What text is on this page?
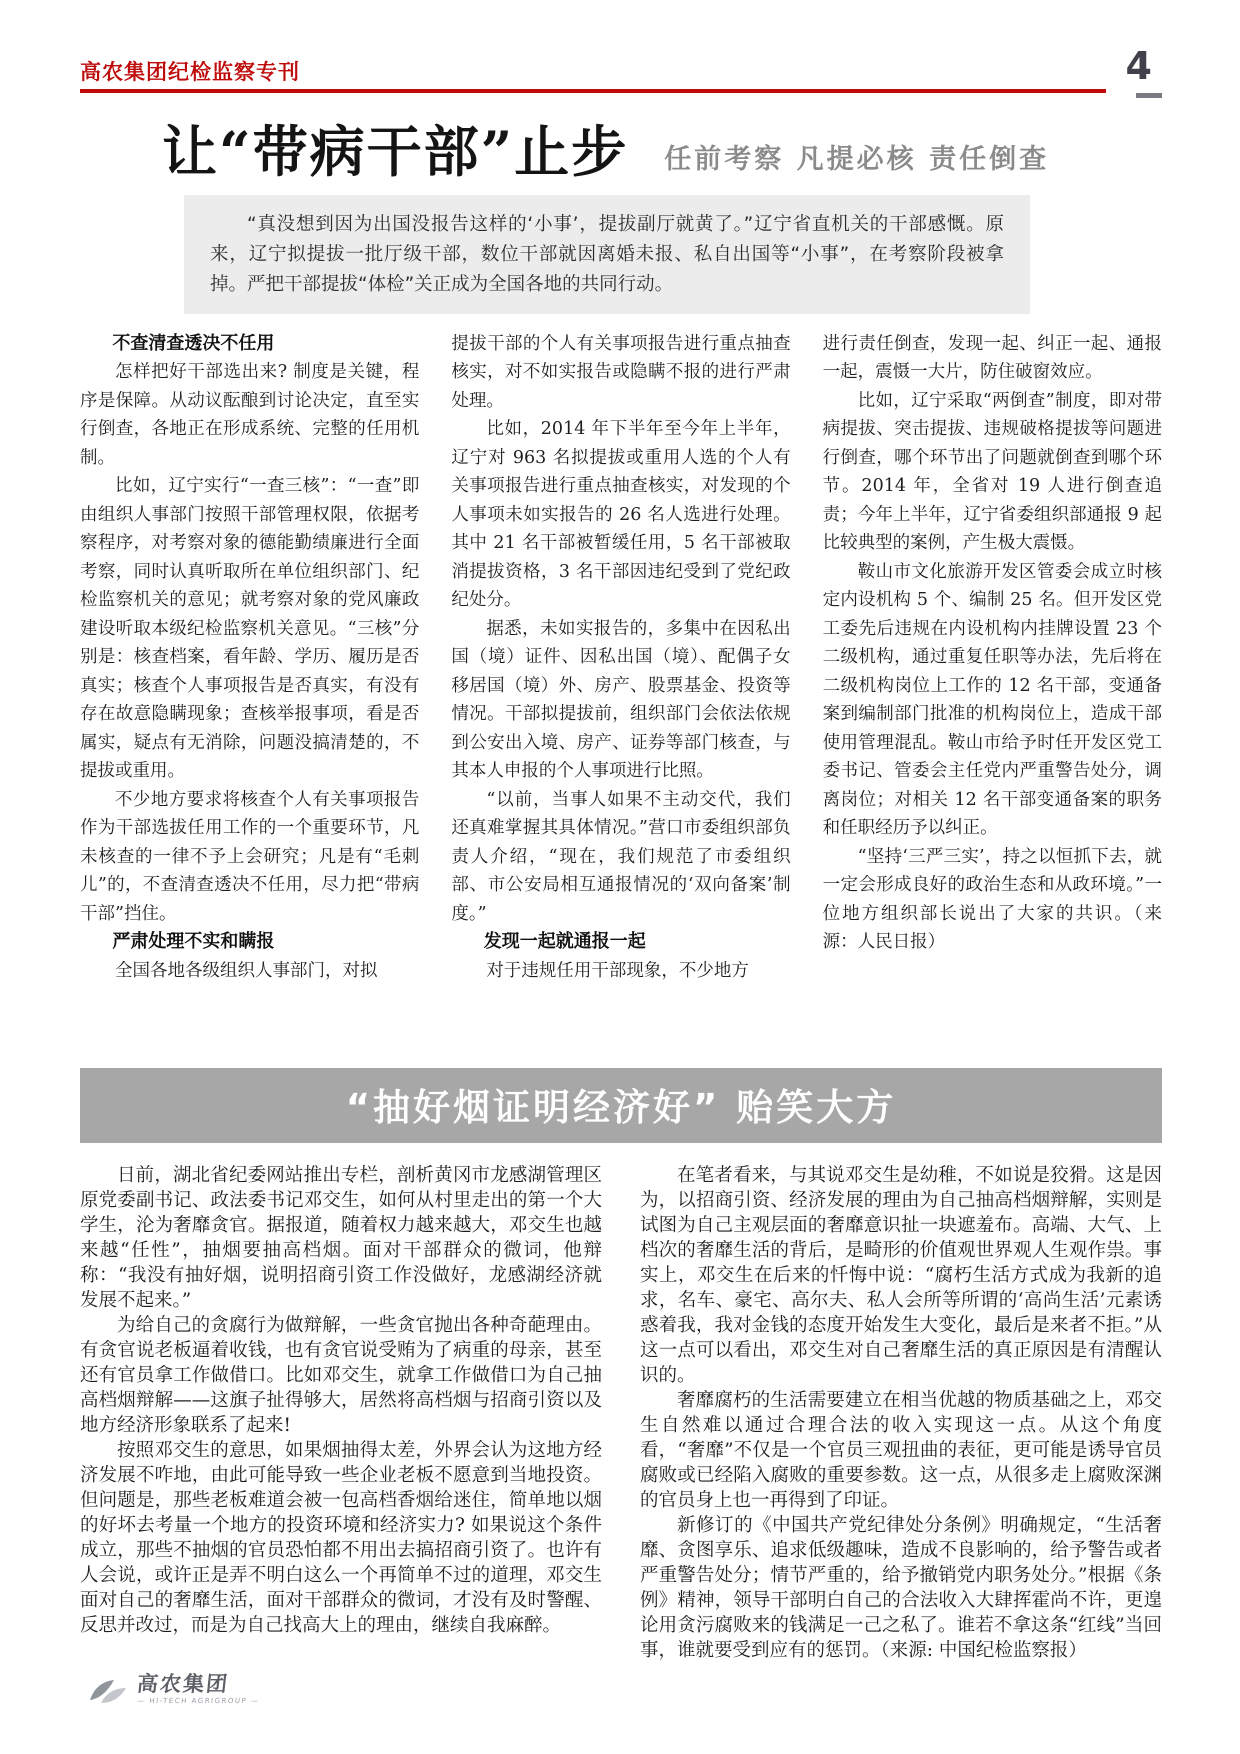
高农集团纪检监察专刊	4
让“带病干部”止步 任前考察 凡提必核 责任倒查

“真没想到因为出国没报告这样的‘小事’，提拔副厅就黄了。”辽宁省直机关的干部感慨。原来，辽宁拟提拔一批厅级干部，数位干部就因离婚未报、私自出国等“小事”，在考察阶段被拿掉。严把干部提拔“体检”关正成为全国各地的共同行动。

不查清查透决不任用

怎样把好干部选出来? 制度是关键，程序是保障。从动议酝酿到讨论决定，直至实行倒查，各地正在形成系统、完整的任用机制。

比如，辽宁实行“一查三核”：“一查”即由组织人事部门按照干部管理权限，依据考察程序，对考察对象的德能勤绩廉进行全面考察，同时认真听取所在单位组织部门、纪检监察机关的意见；就考察对象的党风廉政建设听取本级纪检监察机关意见。“三核”分别是：核查档案，看年龄、学历、履历是否真实；核查个人事项报告是否真实，有没有存在故意隐瞒现象；查核举报事项，看是否属实，疑点有无消除，问题没搞清楚的，不提拔或重用。

不少地方要求将核查个人有关事项报告作为干部选拔任用工作的一个重要环节，凡未核查的一律不予上会研究；凡是有“毛刺儿”的，不查清查透决不任用，尽力把“带病干部”挡住。

严肃处理不实和瞒报

全国各地各级组织人事部门，对拟

提拔干部的个人有关事项报告进行重点抽查核实，对不如实报告或隐瞒不报的进行严肃处理。

比如，2014 年下半年至今年上半年，辽宁对 963 名拟提拔或重用人选的个人有关事项报告进行重点抽查核实，对发现的个人事项未如实报告的 26 名人选进行处理。其中 21 名干部被暂缓任用，5 名干部被取消提拔资格，3 名干部因违纪受到了党纪政纪处分。

据悉，未如实报告的，多集中在因私出国（境）证件、因私出国（境）、配偶子女移居国（境）外、房产、股票基金、投资等情况。干部拟提拔前，组织部门会依法依规到公安出入境、房产、证券等部门核查，与其本人申报的个人事项进行比照。

“以前，当事人如果不主动交代，我们还真难掌握其具体情况。”营口市委组织部负责人介绍，“现在，我们规范了市委组织部、市公安局相互通报情况的‘双向备案’制度。”

发现一起就通报一起

对于违规任用干部现象，不少地方

进行责任倒查，发现一起、纠正一起、通报一起，震慑一大片，防住破窗效应。

比如，辽宁采取“两倒查”制度，即对带病提拔、突击提拔、违规破格提拔等问题进行倒查，哪个环节出了问题就倒查到哪个环节。2014 年，全省对 19 人进行倒查追责；今年上半年，辽宁省委组织部通报 9 起比较典型的案例，产生极大震慑。

鞍山市文化旅游开发区管委会成立时核定内设机构 5 个、编制 25 名。但开发区党工委先后违规在内设机构内挂牌设置 23 个二级机构，通过重复任职等办法，先后将在二级机构岗位上工作的 12 名干部，变通备案到编制部门批准的机构岗位上，造成干部使用管理混乱。鞍山市给予时任开发区党工委书记、管委会主任党内严重警告处分，调离岗位；对相关 12 名干部变通备案的职务和任职经历予以纠正。

“坚持‘三严三实’，持之以恒抓下去，就一定会形成良好的政治生态和从政环境。”一位地方组织部长说出了大家的共识。（来源：人民日报）

“抽好烟证明经济好” 贻笑大方

日前，湖北省纪委网站推出专栏，剖析黄冈市龙感湖管理区原党委副书记、政法委书记邓交生，如何从村里走出的第一个大学生，沦为奢靡贪官。据报道，随着权力越来越大，邓交生也越来越“任性”，抽烟要抽高档烟。面对干部群众的微词，他辩称：“我没有抽好烟，说明招商引资工作没做好，龙感湖经济就发展不起来。”

为给自己的贪腐行为做辩解，一些贪官抛出各种奇葩理由。有贪官说老板逼着收钱，也有贪官说受贿为了病重的母亲，甚至还有官员拿工作做借口。比如邓交生，就拿工作做借口为自己抽高档烟辩解——这旗子扯得够大，居然将高档烟与招商引资以及地方经济形象联系了起来!

按照邓交生的意思，如果烟抽得太差，外界会认为这地方经济发展不咋地，由此可能导致一些企业老板不愿意到当地投资。但问题是，那些老板难道会被一包高档香烟给迷住，简单地以烟的好坏去考量一个地方的投资环境和经济实力? 如果说这个条件成立，那些不抽烟的官员恐怕都不用出去搞招商引资了。也许有人会说，或许正是弄不明白这么一个再简单不过的道理，邓交生面对自己的奢靡生活，面对干部群众的微词，才没有及时警醒、反思并改过，而是为自己找高大上的理由，继续自我麻醉。

在笔者看来，与其说邓交生是幼稚，不如说是狡猾。这是因为，以招商引资、经济发展的理由为自己抽高档烟辩解，实则是试图为自己主观层面的奢靡意识扯一块遮羞布。高端、大气、上档次的奢靡生活的背后，是畸形的价值观世界观人生观作祟。事实上，邓交生在后来的忏悔中说：“腐朽生活方式成为我新的追求，名车、豪宅、高尔夫、私人会所等所谓的‘高尚生活’元素诱惑着我，我对金钱的态度开始发生大变化，最后是来者不拒。”从这一点可以看出，邓交生对自己奢靡生活的真正原因是有清醒认识的。

奢靡腐朽的生活需要建立在相当优越的物质基础之上，邓交生自然难以通过合理合法的收入实现这一点。从这个角度看，“奢靡”不仅是一个官员三观扭曲的表征，更可能是诱导官员腐败或已经陷入腐败的重要参数。这一点，从很多走上腐败深渊的官员身上也一再得到了印证。

新修订的《中国共产党纪律处分条例》明确规定，“生活奢靡、贪图享乐、追求低级趣味，造成不良影响的，给予警告或者严重警告处分；情节严重的，给予撤销党内职务处分。”根据《条例》精神，领导干部明白自己的合法收入大肆挥霍尚不许，更遑论用贪污腐败来的钱满足一己之私了。谁若不拿这条“红线”当回事，谁就要受到应有的惩罚。（来源: 中国纪检监察报）

高农集团
— HI-TECH AGRIGROUP —
